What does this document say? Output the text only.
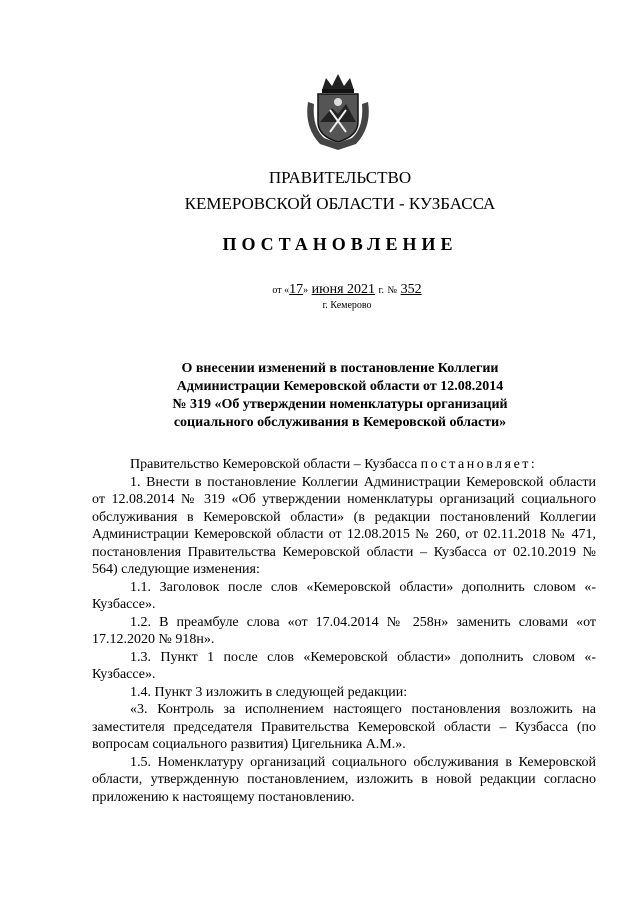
ПРАВИТЕЛЬСТВО
КЕМЕРОВСКОЙ ОБЛАСТИ - КУЗБАССА
ПОСТАНОВЛЕНИЕ
от «17» июня 2021 г. № 352
г. Кемерово
О внесении изменений в постановление Коллегии
Администрации Кемеровской области от 12.08.2014
№ 319 «Об утверждении номенклатуры организаций
социального обслуживания в Кемеровской области»

Правительство Кемеровской области – Кузбасса постановляет:

1. Внести в постановление Коллегии Администрации Кемеровской области от 12.08.2014 № 319 «Об утверждении номенклатуры организаций социального обслуживания в Кемеровской области» (в редакции постановлений Коллегии Администрации Кемеровской области от 12.08.2015 № 260, от 02.11.2018 № 471, постановления Правительства Кемеровской области – Кузбасса от 02.10.2019 № 564) следующие изменения:

1.1. Заголовок после слов «Кемеровской области» дополнить словом «- Кузбассе».

1.2. В преамбуле слова «от 17.04.2014 № 258н» заменить словами «от 17.12.2020 № 918н».

1.3. Пункт 1 после слов «Кемеровской области» дополнить словом «- Кузбассе».

1.4. Пункт 3 изложить в следующей редакции:

«3. Контроль за исполнением настоящего постановления возложить на заместителя председателя Правительства Кемеровской области – Кузбасса (по вопросам социального развития) Цигельника А.М.».

1.5. Номенклатуру организаций социального обслуживания в Кемеровской области, утвержденную постановлением, изложить в новой редакции согласно приложению к настоящему постановлению.
